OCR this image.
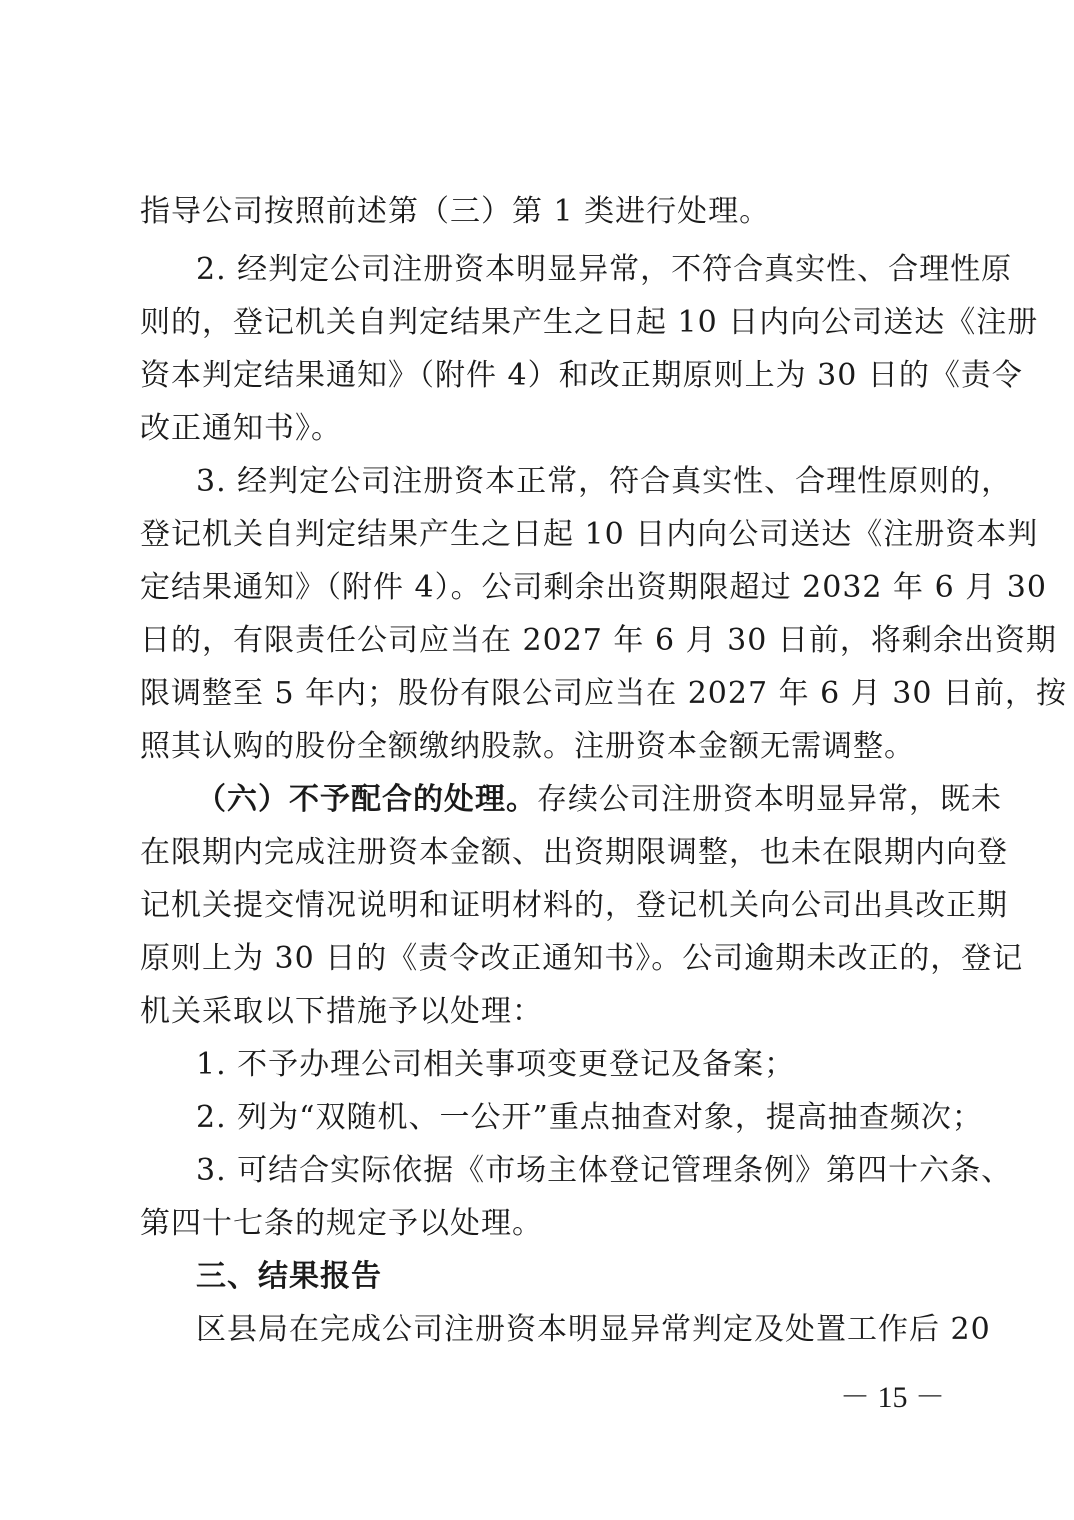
指导公司按照前述第（三）第 1 类进行处理。
2. 经判定公司注册资本明显异常，不符合真实性、合理性原
则的，登记机关自判定结果产生之日起 10 日内向公司送达《注册
资本判定结果通知》（附件 4）和改正期原则上为 30 日的《责令
改正通知书》。
3. 经判定公司注册资本正常，符合真实性、合理性原则的，
登记机关自判定结果产生之日起 10 日内向公司送达《注册资本判
定结果通知》（附件 4）。公司剩余出资期限超过 2032 年 6 月 30
日的，有限责任公司应当在 2027 年 6 月 30 日前，将剩余出资期
限调整至 5 年内；股份有限公司应当在 2027 年 6 月 30 日前，按
照其认购的股份全额缴纳股款。注册资本金额无需调整。
（六）不予配合的处理。存续公司注册资本明显异常，既未
在限期内完成注册资本金额、出资期限调整，也未在限期内向登
记机关提交情况说明和证明材料的，登记机关向公司出具改正期
原则上为 30 日的《责令改正通知书》。公司逾期未改正的，登记
机关采取以下措施予以处理：
1. 不予办理公司相关事项变更登记及备案；
2. 列为“双随机、一公开”重点抽查对象，提高抽查频次；
3. 可结合实际依据《市场主体登记管理条例》第四十六条、
第四十七条的规定予以处理。
三、结果报告
区县局在完成公司注册资本明显异常判定及处置工作后 20
－ 15 －
